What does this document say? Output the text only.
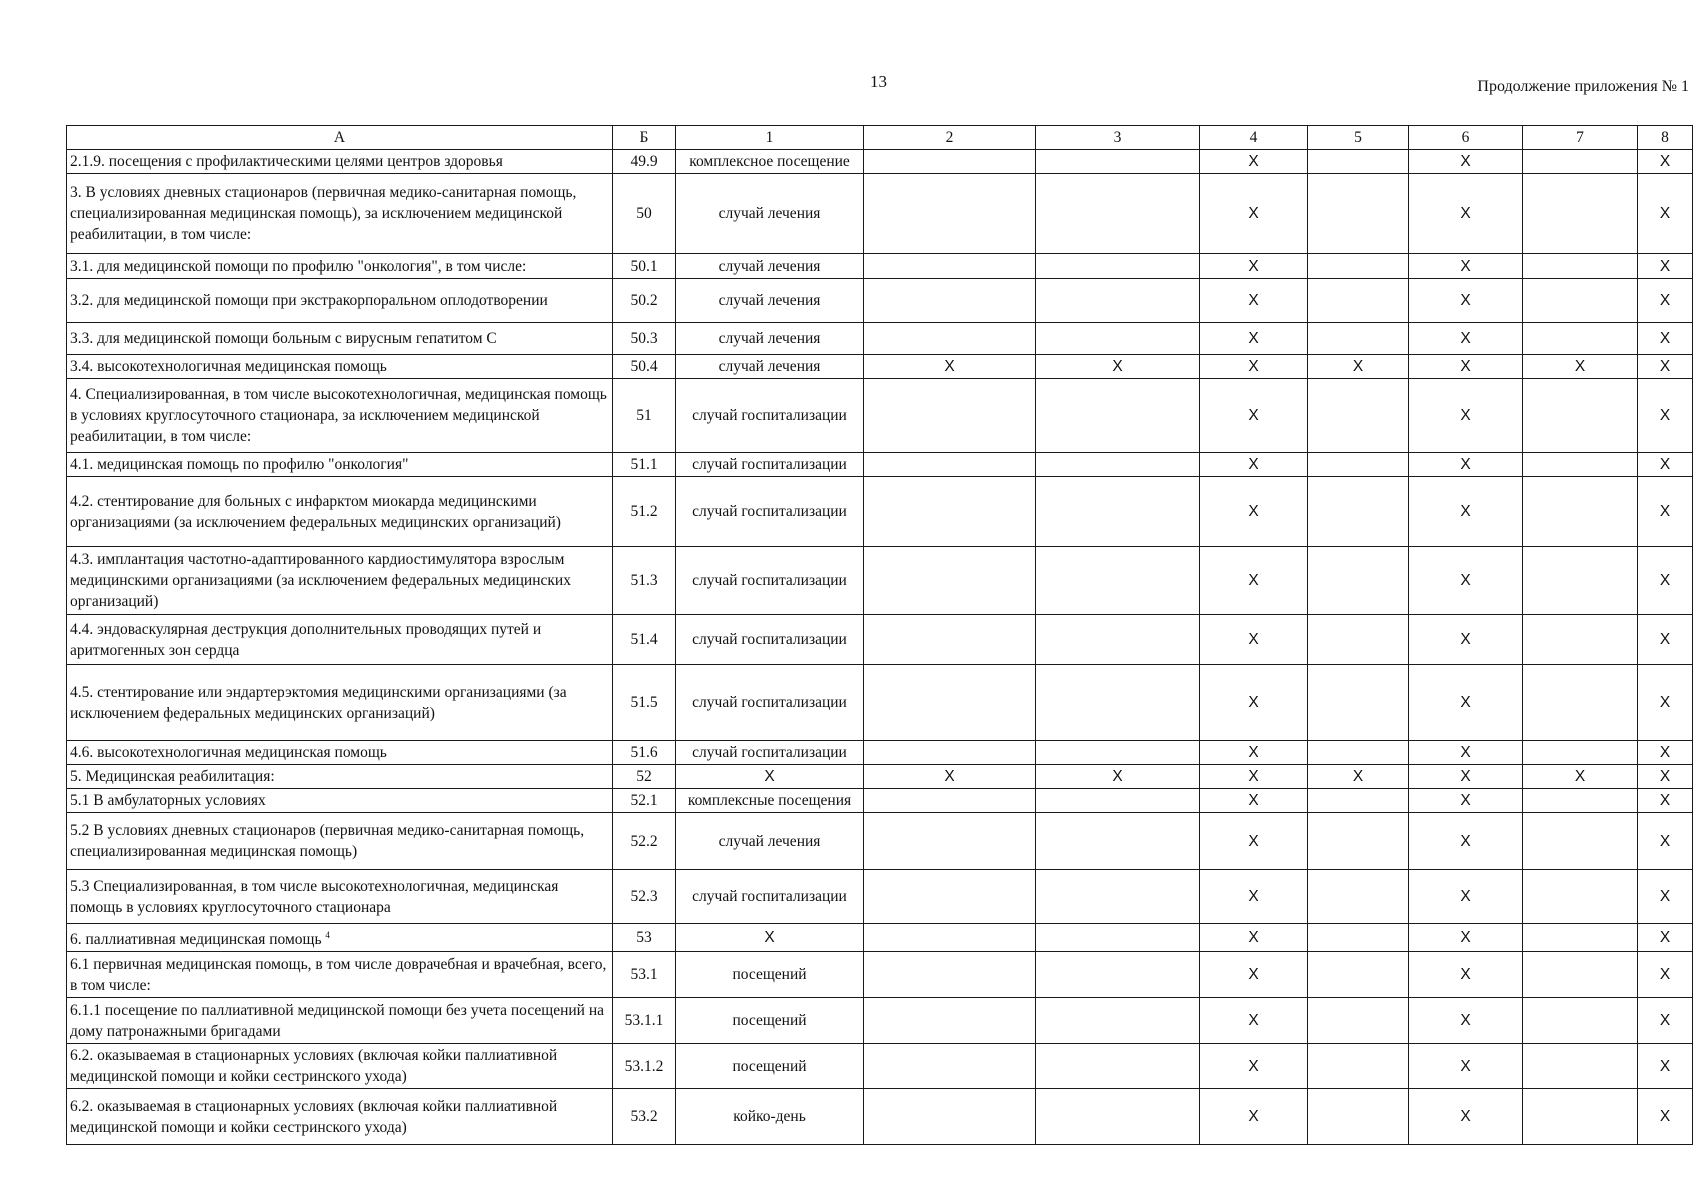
13	Продолжение приложения № 1
А	Б	1	2	3	4	5	6	7	8
2.1.9. посещения с профилактическими целями центров здоровья	49.9	комплексное посещение			X		X		X
3. В условиях дневных стационаров (первичная медико-санитарная помощь, специализированная медицинская помощь), за исключением медицинской реабилитации, в том числе:	50	случай лечения			X		X		X
3.1. для медицинской помощи по профилю "онкология", в том числе:	50.1	случай лечения			X		X		X
3.2. для медицинской помощи при экстракорпоральном оплодотворении	50.2	случай лечения			X		X		X
3.3. для медицинской помощи больным с вирусным гепатитом С	50.3	случай лечения			X		X		X
3.4. высокотехнологичная медицинская помощь	50.4	случай лечения	X	X	X	X	X	X	X
4. Специализированная, в том числе высокотехнологичная, медицинская помощь в условиях круглосуточного стационара, за исключением медицинской реабилитации, в том числе:	51	случай госпитализации			X		X		X
4.1. медицинская помощь по профилю "онкология"	51.1	случай госпитализации			X		X		X
4.2. стентирование для больных с инфарктом миокарда медицинскими организациями (за исключением федеральных медицинских организаций)	51.2	случай госпитализации			X		X		X
4.3. имплантация частотно-адаптированного кардиостимулятора взрослым медицинскими организациями (за исключением федеральных медицинских организаций)	51.3	случай госпитализации			X		X		X
4.4. эндоваскулярная деструкция дополнительных проводящих путей и аритмогенных зон сердца	51.4	случай госпитализации			X		X		X
4.5. стентирование или эндартерэктомия медицинскими организациями (за исключением федеральных медицинских организаций)	51.5	случай госпитализации			X		X		X
4.6. высокотехнологичная медицинская помощь	51.6	случай госпитализации			X		X		X
5. Медицинская реабилитация:	52	X	X	X	X	X	X	X	X
5.1 В амбулаторных условиях	52.1	комплексные посещения			X		X		X
5.2 В условиях дневных стационаров (первичная медико-санитарная помощь, специализированная медицинская помощь)	52.2	случай лечения			X		X		X
5.3 Специализированная, в том числе высокотехнологичная, медицинская помощь в условиях круглосуточного стационара	52.3	случай госпитализации			X		X		X
6. паллиативная медицинская помощь $^4$	53	X			X		X		X
6.1 первичная медицинская помощь, в том числе доврачебная и врачебная, всего, в том числе:	53.1	посещений			X		X		X
6.1.1 посещение по паллиативной медицинской помощи без учета посещений на дому патронажными бригадами	53.1.1	посещений			X		X		X
6.2. оказываемая в стационарных условиях (включая койки паллиативной медицинской помощи и койки сестринского ухода)	53.1.2	посещений			X		X		X
6.2. оказываемая в стационарных условиях (включая койки паллиативной медицинской помощи и койки сестринского ухода)	53.2	койко-день			X		X		X
